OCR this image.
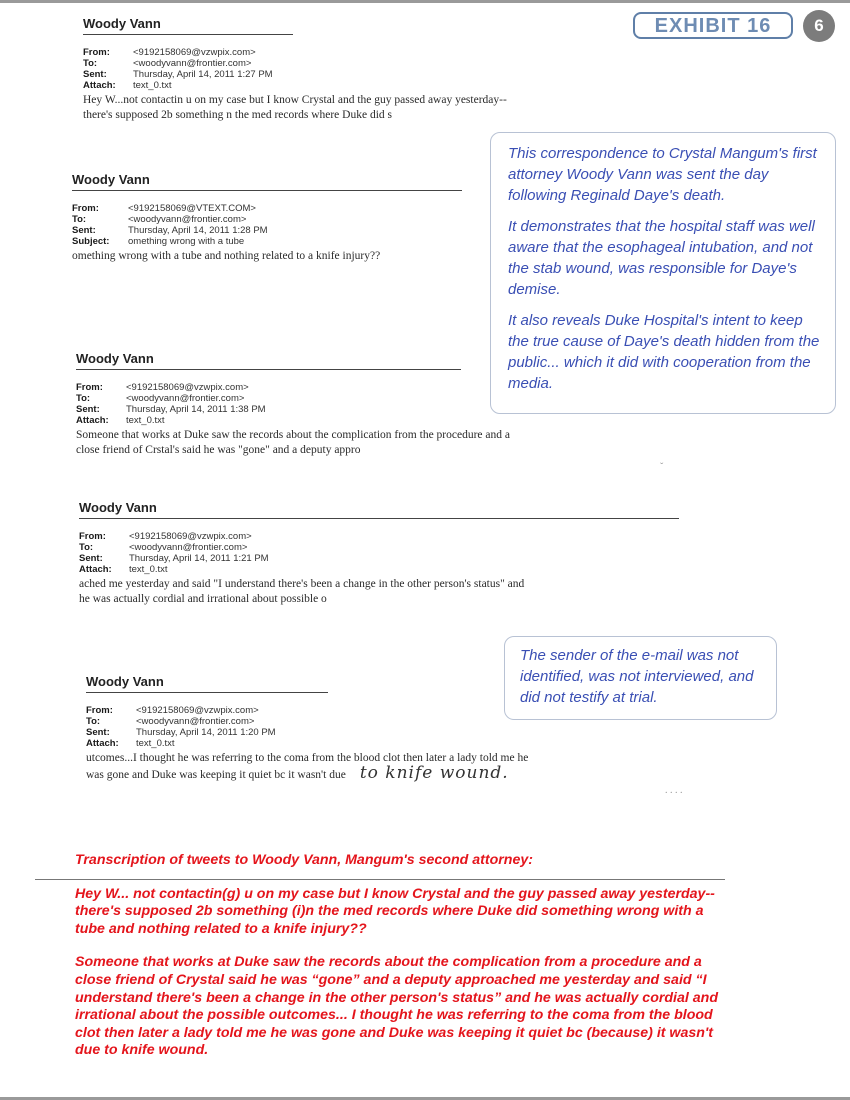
EXHIBIT 16	6
Woody Vann
From:	<9192158069@vzwpix.com>
To:	<woodyvann@frontier.com>
Sent:	Thursday, April 14, 2011 1:27 PM
Attach:	text_0.txt
Hey W...not contactin u on my case but I know Crystal and the guy passed away yesterday--
there's supposed 2b something n the med records where Duke did s
Woody Vann
From:	<9192158069@VTEXT.COM>
To:	<woodyvann@frontier.com>
Sent:	Thursday, April 14, 2011 1:28 PM
Subject:	omething wrong with a tube
omething wrong with a tube and nothing related to a knife injury??
Woody Vann
From:	<9192158069@vzwpix.com>
To:	<woodyvann@frontier.com>
Sent:	Thursday, April 14, 2011 1:38 PM
Attach:	text_0.txt
Someone that works at Duke saw the records about the complication from the procedure and a
close friend of Crstal's said he was "gone" and a deputy appro
Woody Vann
From:	<9192158069@vzwpix.com>
To:	<woodyvann@frontier.com>
Sent:	Thursday, April 14, 2011 1:21 PM
Attach:	text_0.txt
ached me yesterday and said "I understand there's been a change in the other person's status" and
he was actually cordial and irrational about possible o
Woody Vann
From:	<9192158069@vzwpix.com>
To:	<woodyvann@frontier.com>
Sent:	Thursday, April 14, 2011 1:20 PM
Attach:	text_0.txt
utcomes...I thought he was referring to the coma from the blood clot then later a lady told me he
was gone and Duke was keeping it quiet bc it wasn't due to knife wound.
ˇ
. . . .

This correspondence to Crystal Mangum's first attorney Woody Vann was sent the day following Reginald Daye's death.

It demonstrates that the hospital staff was well aware that the esophageal intubation, and not the stab wound, was responsible for Daye's demise.

It also reveals Duke Hospital's intent to keep the true cause of Daye's death hidden from the public... which it did with cooperation from the media.

The sender of the e-mail was not identified, was not interviewed, and did not testify at trial.

Transcription of tweets to Woody Vann, Mangum's second attorney:

Hey W... not contactin(g) u on my case but I know Crystal and the guy passed away yesterday-- there's supposed 2b something (i)n the med records where Duke did something wrong with a tube and nothing related to a knife injury??

Someone that works at Duke saw the records about the complication from a procedure and a close friend of Crystal said he was “gone” and a deputy approached me yesterday and said “I understand there's been a change in the other person's status” and he was actually cordial and irrational about the possible outcomes... I thought he was referring to the coma from the blood clot then later a lady told me he was gone and Duke was keeping it quiet bc (because) it wasn't due to knife wound.
